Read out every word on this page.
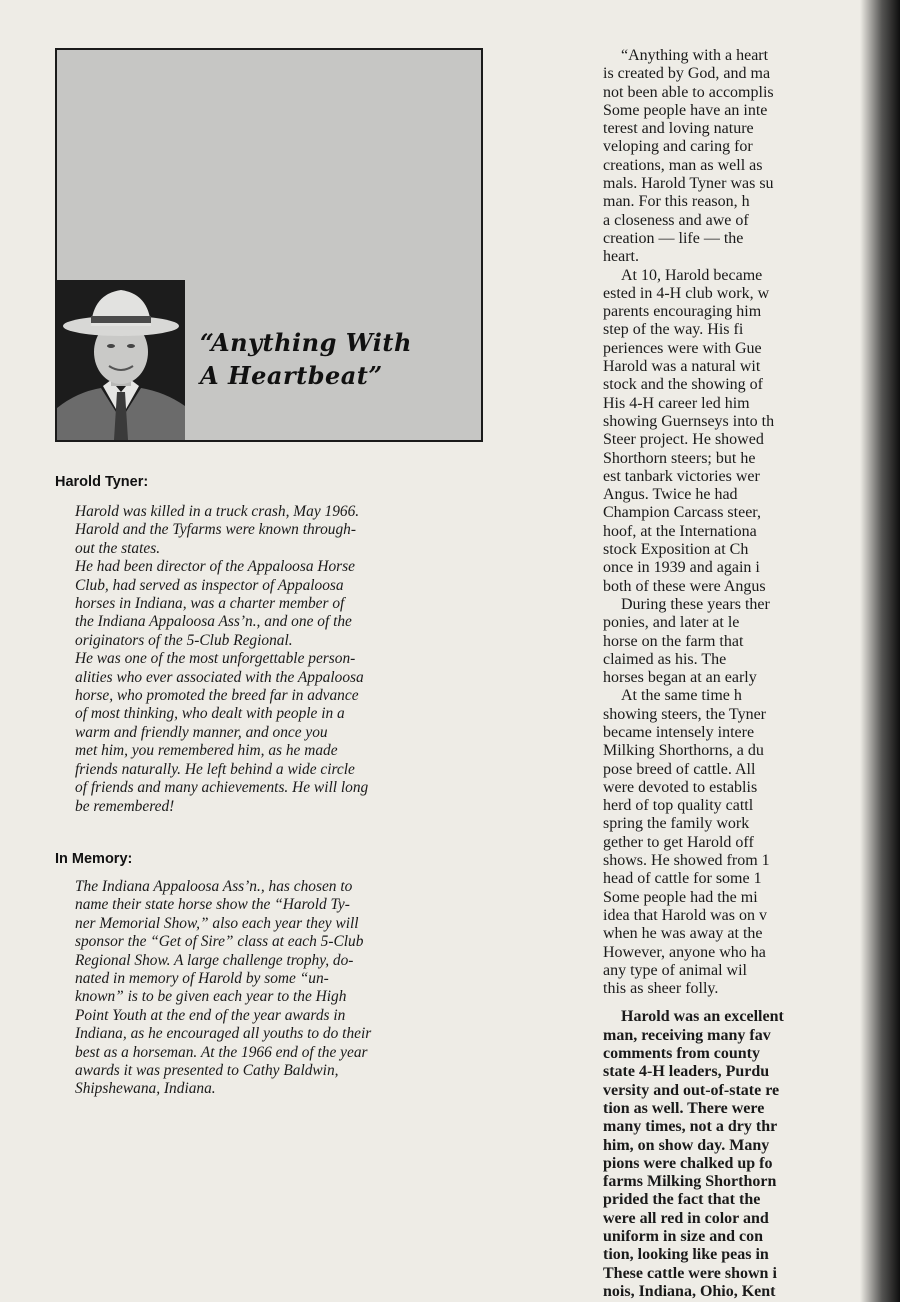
“Anything With
A Heartbeat”
Harold Tyner:

Harold was killed in a truck crash, May 1966.
Harold and the Tyfarms were known through-
out the states.

He had been director of the Appaloosa Horse
Club, had served as inspector of Appaloosa
horses in Indiana, was a charter member of
the Indiana Appaloosa Ass’n., and one of the
originators of the 5-Club Regional.

He was one of the most unforgettable person-
alities who ever associated with the Appaloosa
horse, who promoted the breed far in advance
of most thinking, who dealt with people in a
warm and friendly manner, and once you
met him, you remembered him, as he made
friends naturally. He left behind a wide circle
of friends and many achievements. He will long
be remembered!

In Memory:

The Indiana Appaloosa Ass’n., has chosen to
name their state horse show the “Harold Ty-
ner Memorial Show,” also each year they will
sponsor the “Get of Sire” class at each 5-Club
Regional Show. A large challenge trophy, do-
nated in memory of Harold by some “un-
known” is to be given each year to the High
Point Youth at the end of the year awards in
Indiana, as he encouraged all youths to do their
best as a horseman. At the 1966 end of the year
awards it was presented to Cathy Baldwin,
Shipshewana, Indiana.

“Anything with a heart
is created by God, and ma
not been able to accomplis
Some people have an inte
terest and loving nature
veloping and caring for
creations, man as well as
mals. Harold Tyner was su
man. For this reason, h
a closeness and awe of
creation — life — the
heart.
At 10, Harold became
ested in 4-H club work, w
parents encouraging him
step of the way. His fi
periences were with Gue
Harold was a natural wit
stock and the showing of
His 4-H career led him
showing Guernseys into th
Steer project. He showed
Shorthorn steers; but he
est tanbark victories wer
Angus. Twice he had
Champion Carcass steer,
hoof, at the Internationa
stock Exposition at Ch
once in 1939 and again i
both of these were Angus
During these years ther
ponies, and later at le
horse on the farm that
claimed as his. The
horses began at an early
At the same time h
showing steers, the Tyner
became intensely intere
Milking Shorthorns, a du
pose breed of cattle. All
were devoted to establis
herd of top quality cattl
spring the family work
gether to get Harold off
shows. He showed from 1
head of cattle for some 1
Some people had the mi
idea that Harold was on v
when he was away at the
However, anyone who ha
any type of animal wil
this as sheer folly.
Harold was an excellent
man, receiving many fav
comments from county
state 4-H leaders, Purdu
versity and out-of-state re
tion as well. There were
many times, not a dry thr
him, on show day. Many
pions were chalked up fo
farms Milking Shorthorn
prided the fact that the
were all red in color and
uniform in size and con
tion, looking like peas in
These cattle were shown i
nois, Indiana, Ohio, Kent
